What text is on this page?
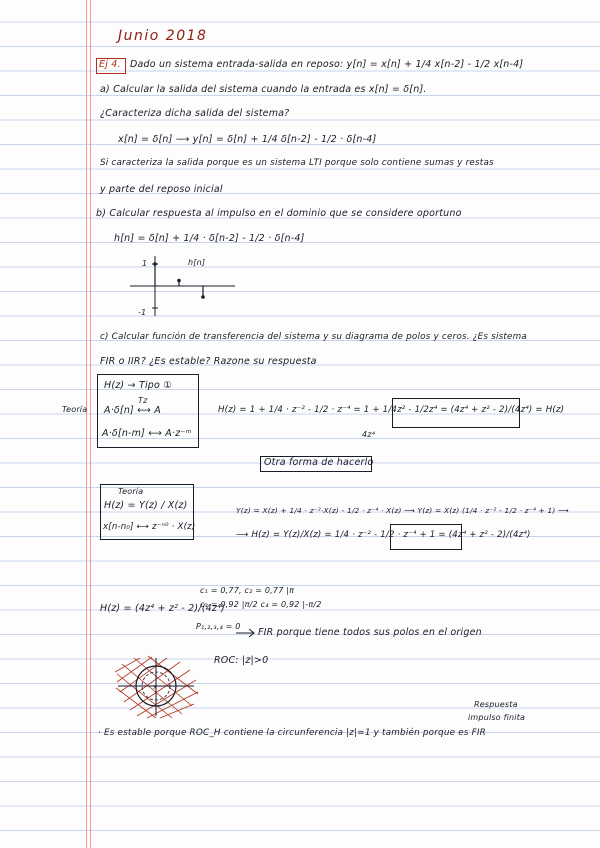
Junio 2018
Ej 4. Dado un sistema entrada-salida en reposo: y[n] = x[n] + 1/4 x[n-2] - 1/2 x[n-4]
a) Calcular la salida del sistema cuando la entrada es x[n] = δ[n].
¿Caracteriza dicha salida del sistema?
x[n] = δ[n] ⟶ y[n] = δ[n] + 1/4 δ[n-2] - 1/2 · δ[n-4]
Si caracteriza la salida porque es un sistema LTI porque solo contiene sumas y restas
y parte del reposo inicial
b) Calcular respuesta al impulso en el dominio que se considere oportuno
h[n] = δ[n] + 1/4 · δ[n-2] - 1/2 · δ[n-4]
h[n]
1
-1
c) Calcular función de transferencia del sistema y su diagrama de polos y ceros. ¿Es sistema
FIR o IIR? ¿Es estable? Razone su respuesta
Teoría
H(z) → Tipo ①
Tz
A·δ[n] ⟷ A
A·δ[n-m] ⟷ A·z⁻ᵐ
H(z) = 1 + 1/4 · z⁻² - 1/2 · z⁻⁴ = 1 + 1/4z² - 1/2z⁴ = (4z⁴ + z² - 2)/(4z⁴) = H(z)
4z⁴
Otra forma de hacerlo
Teoría
H(z) = Y(z) / X(z)
x[n-n₀] ⟷ z⁻ⁿ⁰ · X(z)
Y(z) = X(z) + 1/4 · z⁻²·X(z) - 1/2 · z⁻⁴ · X(z) ⟶ Y(z) = X(z) (1/4 · z⁻² - 1/2 · z⁻⁴ + 1) ⟶
⟶ H(z) = Y(z)/X(z) = 1/4 · z⁻² - 1/2 · z⁻⁴ + 1 = (4z⁴ + z² - 2)/(4z⁴)
H(z) = (4z⁴ + z² - 2)/(4z⁴)
c₁ = 0,77, c₂ = 0,77 |π
c₃ = 0,92 |π/2 c₄ = 0,92 |-π/2
P₁,₂,₃,₄ = 0
FIR porque tiene todos sus polos en el origen
ROC: |z|>0
x
Respuesta
impulso finita
· Es estable porque ROC_H contiene la circunferencia |z|=1 y también porque es FIR
